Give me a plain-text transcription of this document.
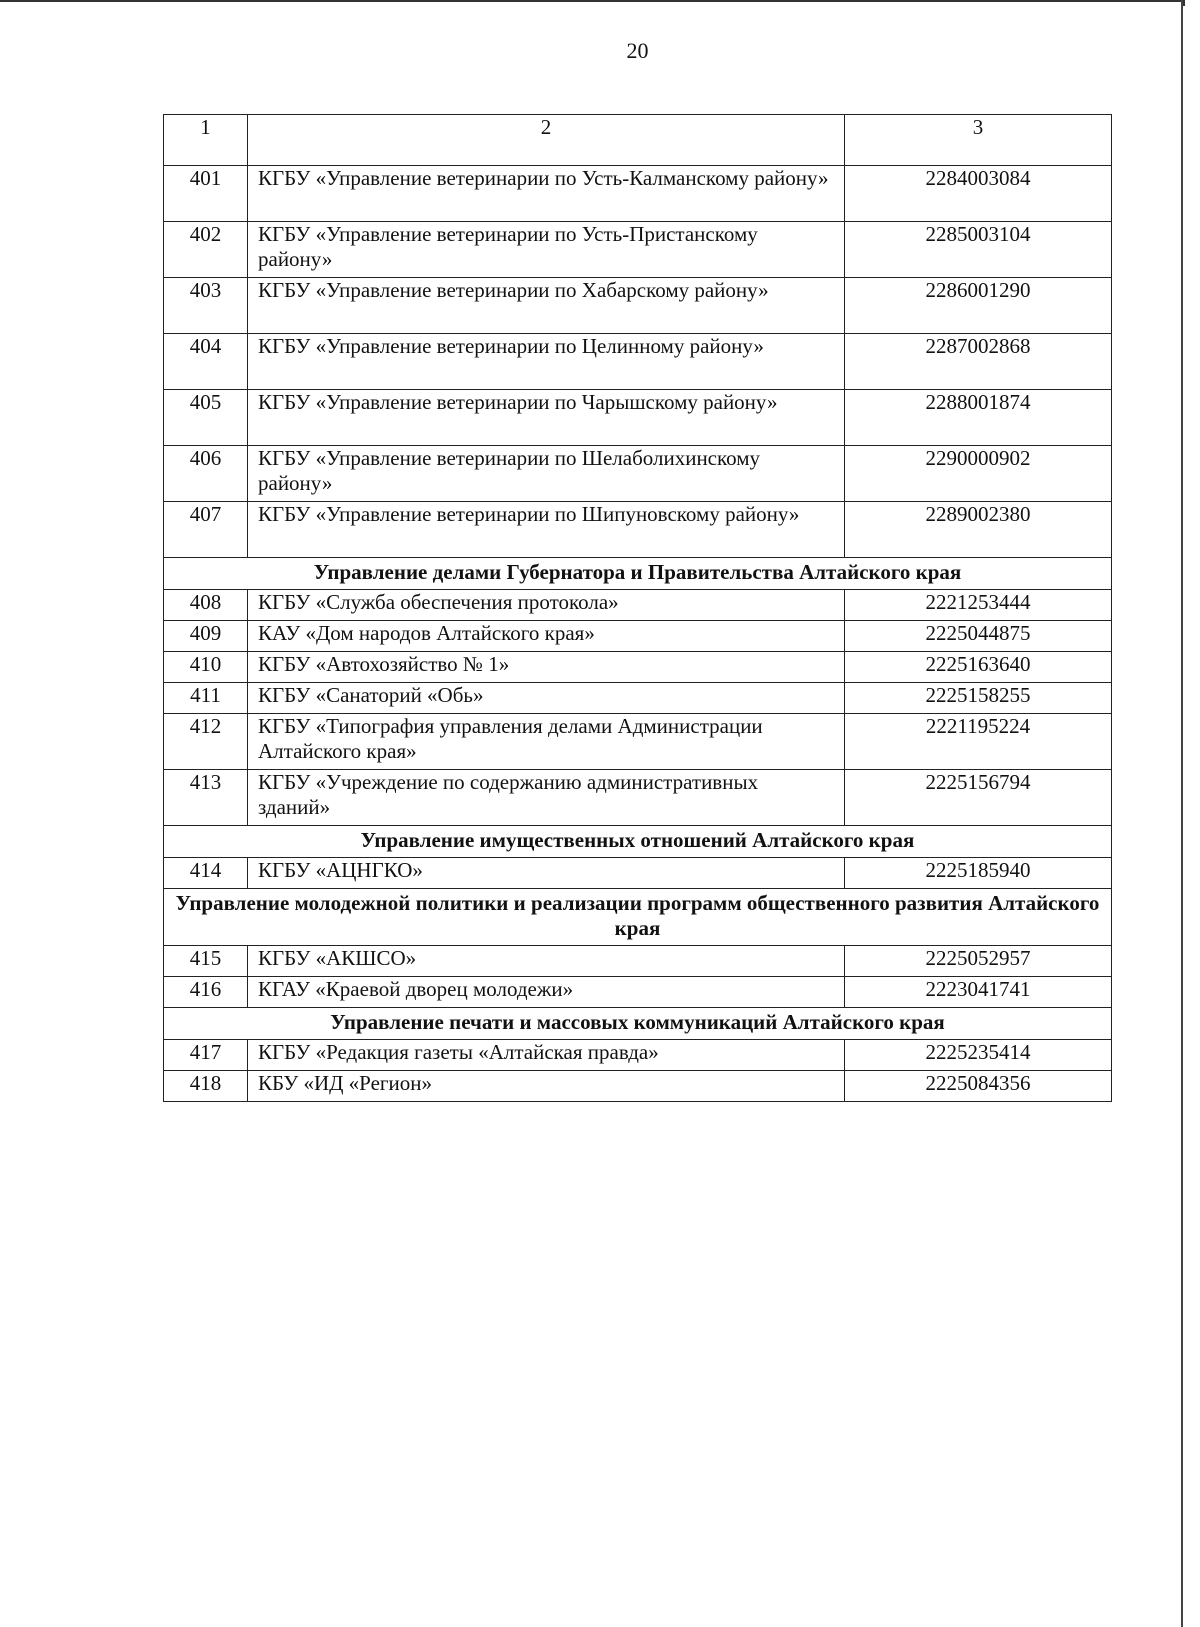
20
1	2	3
401	КГБУ «Управление ветеринарии по Усть-Калманскому району»	2284003084
402	КГБУ «Управление ветеринарии по Усть-Пристанскому району»	2285003104
403	КГБУ «Управление ветеринарии по Хабарскому району»	2286001290
404	КГБУ «Управление ветеринарии по Целинному району»	2287002868
405	КГБУ «Управление ветеринарии по Чарышскому району»	2288001874
406	КГБУ «Управление ветеринарии по Шелаболихинскому району»	2290000902
407	КГБУ «Управление ветеринарии по Шипуновскому району»	2289002380
Управление делами Губернатора и Правительства Алтайского края		
408	КГБУ «Служба обеспечения протокола»	2221253444
409	КАУ «Дом народов Алтайского края»	2225044875
410	КГБУ «Автохозяйство № 1»	2225163640
411	КГБУ «Санаторий «Обь»	2225158255
412	КГБУ «Типография управления делами Администрации Алтайского края»	2221195224
413	КГБУ «Учреждение по содержанию административных зданий»	2225156794
Управление имущественных отношений Алтайского края		
414	КГБУ «АЦНГКО»	2225185940
Управление молодежной политики и реализации программ общественного развития Алтайского края		
415	КГБУ «АКШСО»	2225052957
416	КГАУ «Краевой дворец молодежи»	2223041741
Управление печати и массовых коммуникаций Алтайского края		
417	КГБУ «Редакция газеты «Алтайская правда»	2225235414
418	КБУ «ИД «Регион»	2225084356
